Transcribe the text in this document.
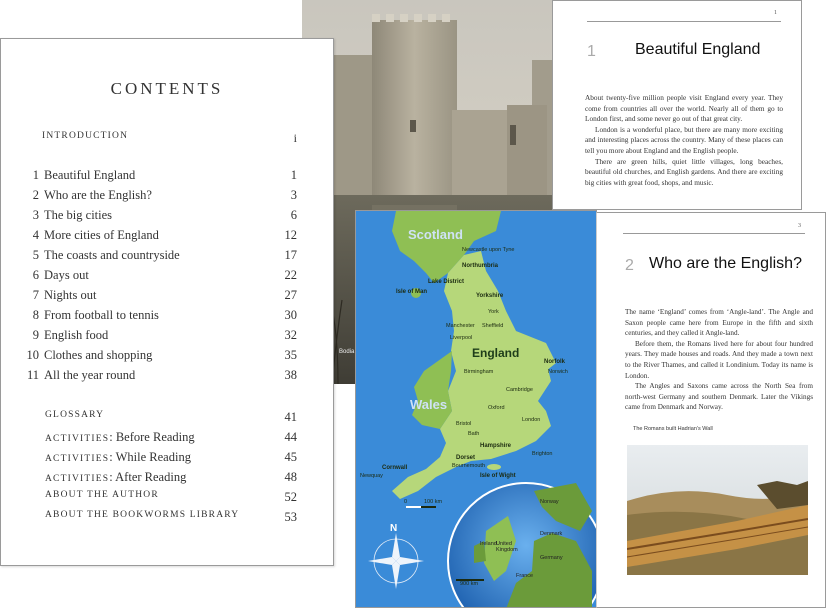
CONTENTS
INTRODUCTION	i
1 Beautiful England	1
2 Who are the English?	3
3 The big cities	6
4 More cities of England	12
5 The coasts and countryside	17
6 Days out	22
7 Nights out	27
8 From football to tennis	30
9 English food	32
10 Clothes and shopping	35
11 All the year round	38
GLOSSARY	41
ACTIVITIES: Before Reading	44
ACTIVITIES: While Reading	45
ACTIVITIES: After Reading	48
ABOUT THE AUTHOR	52
ABOUT THE BOOKWORMS LIBRARY	53
Bodia
1
1 Beautiful England

About twenty-five million people visit England every year. They come from countries all over the world. Nearly all of them go to London first, and some never go out of that great city.

London is a wonderful place, but there are many more exciting and interesting places across the country. Many of these places can tell you more about England and the English people.

There are green hills, quiet little villages, long beaches, beautiful old churches, and English gardens. And there are exciting big cities with great food, shops, and music.

Scotland
Newcastle upon Tyne
Northumbria
Lake District
Isle of Man
Yorkshire
York
Manchester Sheffield
Liverpool
England
Norfolk
Norwich
Birmingham
Cambridge
Wales	Oxford
London
Bristol
Bath
Hampshire
Dorset
Brighton
Bournemouth
Isle of Wight
Cornwall
Newquay
0	100 km
N
Norway
Denmark
Ireland United Kingdom
Germany
France
900 km
3
2 Who are the English?

The name ‘England’ comes from ‘Angle-land’. The Angle and Saxon people came here from Europe in the fifth and sixth centuries, and they called it Angle-land.

Before them, the Romans lived here for about four hundred years. They made houses and roads. And they made a town next to the River Thames, and called it Londinium. Today its name is London.

The Angles and Saxons came across the North Sea from north-west Germany and southern Denmark. Later the Vikings came from Denmark and Norway.

The Romans built Hadrian’s Wall
